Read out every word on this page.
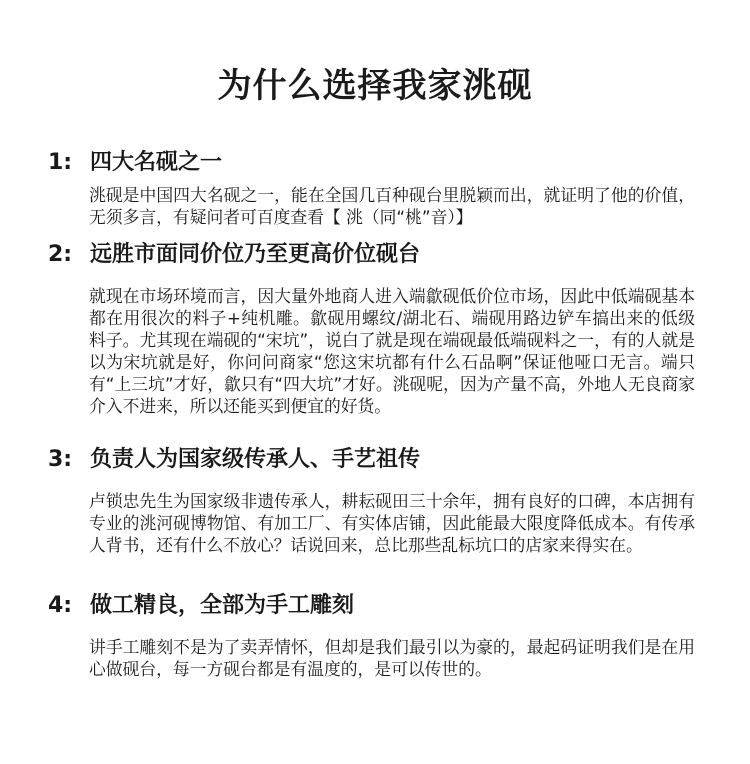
为什么选择我家洮砚
1: 四大名砚之一

洮砚是中国四大名砚之一，能在全国几百种砚台里脱颖而出，就证明了他的价值，无须多言，有疑问者可百度查看【 洮（同“桃”音）】

2: 远胜市面同价位乃至更高价位砚台

就现在市场环境而言，因大量外地商人进入端歙砚低价位市场，因此中低端砚基本都在用很次的料子+纯机雕。歙砚用螺纹/湖北石、端砚用路边铲车搞出来的低级料子。尤其现在端砚的“宋坑”，说白了就是现在端砚最低端砚料之一，有的人就是以为宋坑就是好，你问问商家“您这宋坑都有什么石品啊”保证他哑口无言。端只有“上三坑”才好，歙只有“四大坑”才好。洮砚呢，因为产量不高，外地人无良商家介入不进来，所以还能买到便宜的好货。

3: 负责人为国家级传承人、手艺祖传

卢锁忠先生为国家级非遗传承人，耕耘砚田三十余年，拥有良好的口碑，本店拥有专业的洮河砚博物馆、有加工厂、有实体店铺，因此能最大限度降低成本。有传承人背书，还有什么不放心？话说回来，总比那些乱标坑口的店家来得实在。

4: 做工精良，全部为手工雕刻

讲手工雕刻不是为了卖弄情怀，但却是我们最引以为豪的，最起码证明我们是在用心做砚台，每一方砚台都是有温度的，是可以传世的。
